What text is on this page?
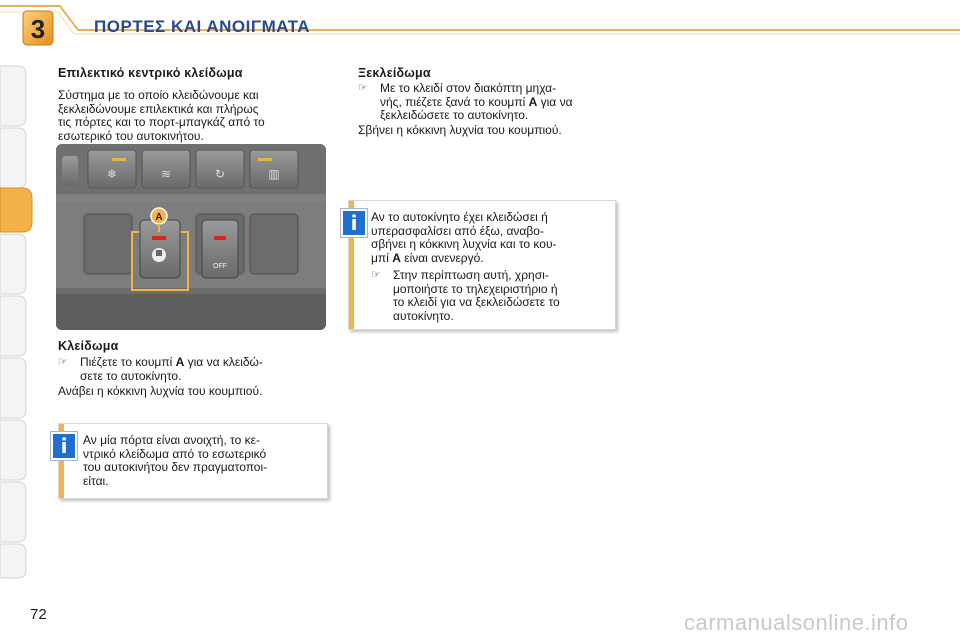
3	ΠΟΡΤΕΣ ΚΑΙ ΑΝΟΙΓΜΑΤΑ
Επιλεκτικό κεντρικό κλείδωμα
Σύστημα με το οποίο κλειδώνουμε και
ξεκλειδώνουμε επιλεκτικά και πλήρως
τις πόρτες και το πορτ-μπαγκάζ από το
εσωτερικό του αυτοκινήτου.
❄	≋	↻	▥
OFF
A
Κλείδωμα
☞	Πιέζετε το κουμπί A για να κλειδώ-
σετε το αυτοκίνητο.
Ανάβει η κόκκινη λυχνία του κουμπιού.
i	Αν μία πόρτα είναι ανοιχτή, το κε-
ντρικό κλείδωμα από το εσωτερικό
του αυτοκινήτου δεν πραγματοποι-
είται.
Ξεκλείδωμα
☞	Με το κλειδί στον διακόπτη μηχα-
νής, πιέζετε ξανά το κουμπί A για να
ξεκλειδώσετε το αυτοκίνητο.
Σβήνει η κόκκινη λυχνία του κουμπιού.
i	Αν το αυτοκίνητο έχει κλειδώσει ή
υπερασφαλίσει από έξω, αναβο-
σβήνει η κόκκινη λυχνία και το κου-
μπί A είναι ανενεργό.
☞	Στην περίπτωση αυτή, χρησι-
μοποιήστε το τηλεχειριστήριο ή
το κλειδί για να ξεκλειδώσετε το
αυτοκίνητο.
72	carmanualsonline.info
